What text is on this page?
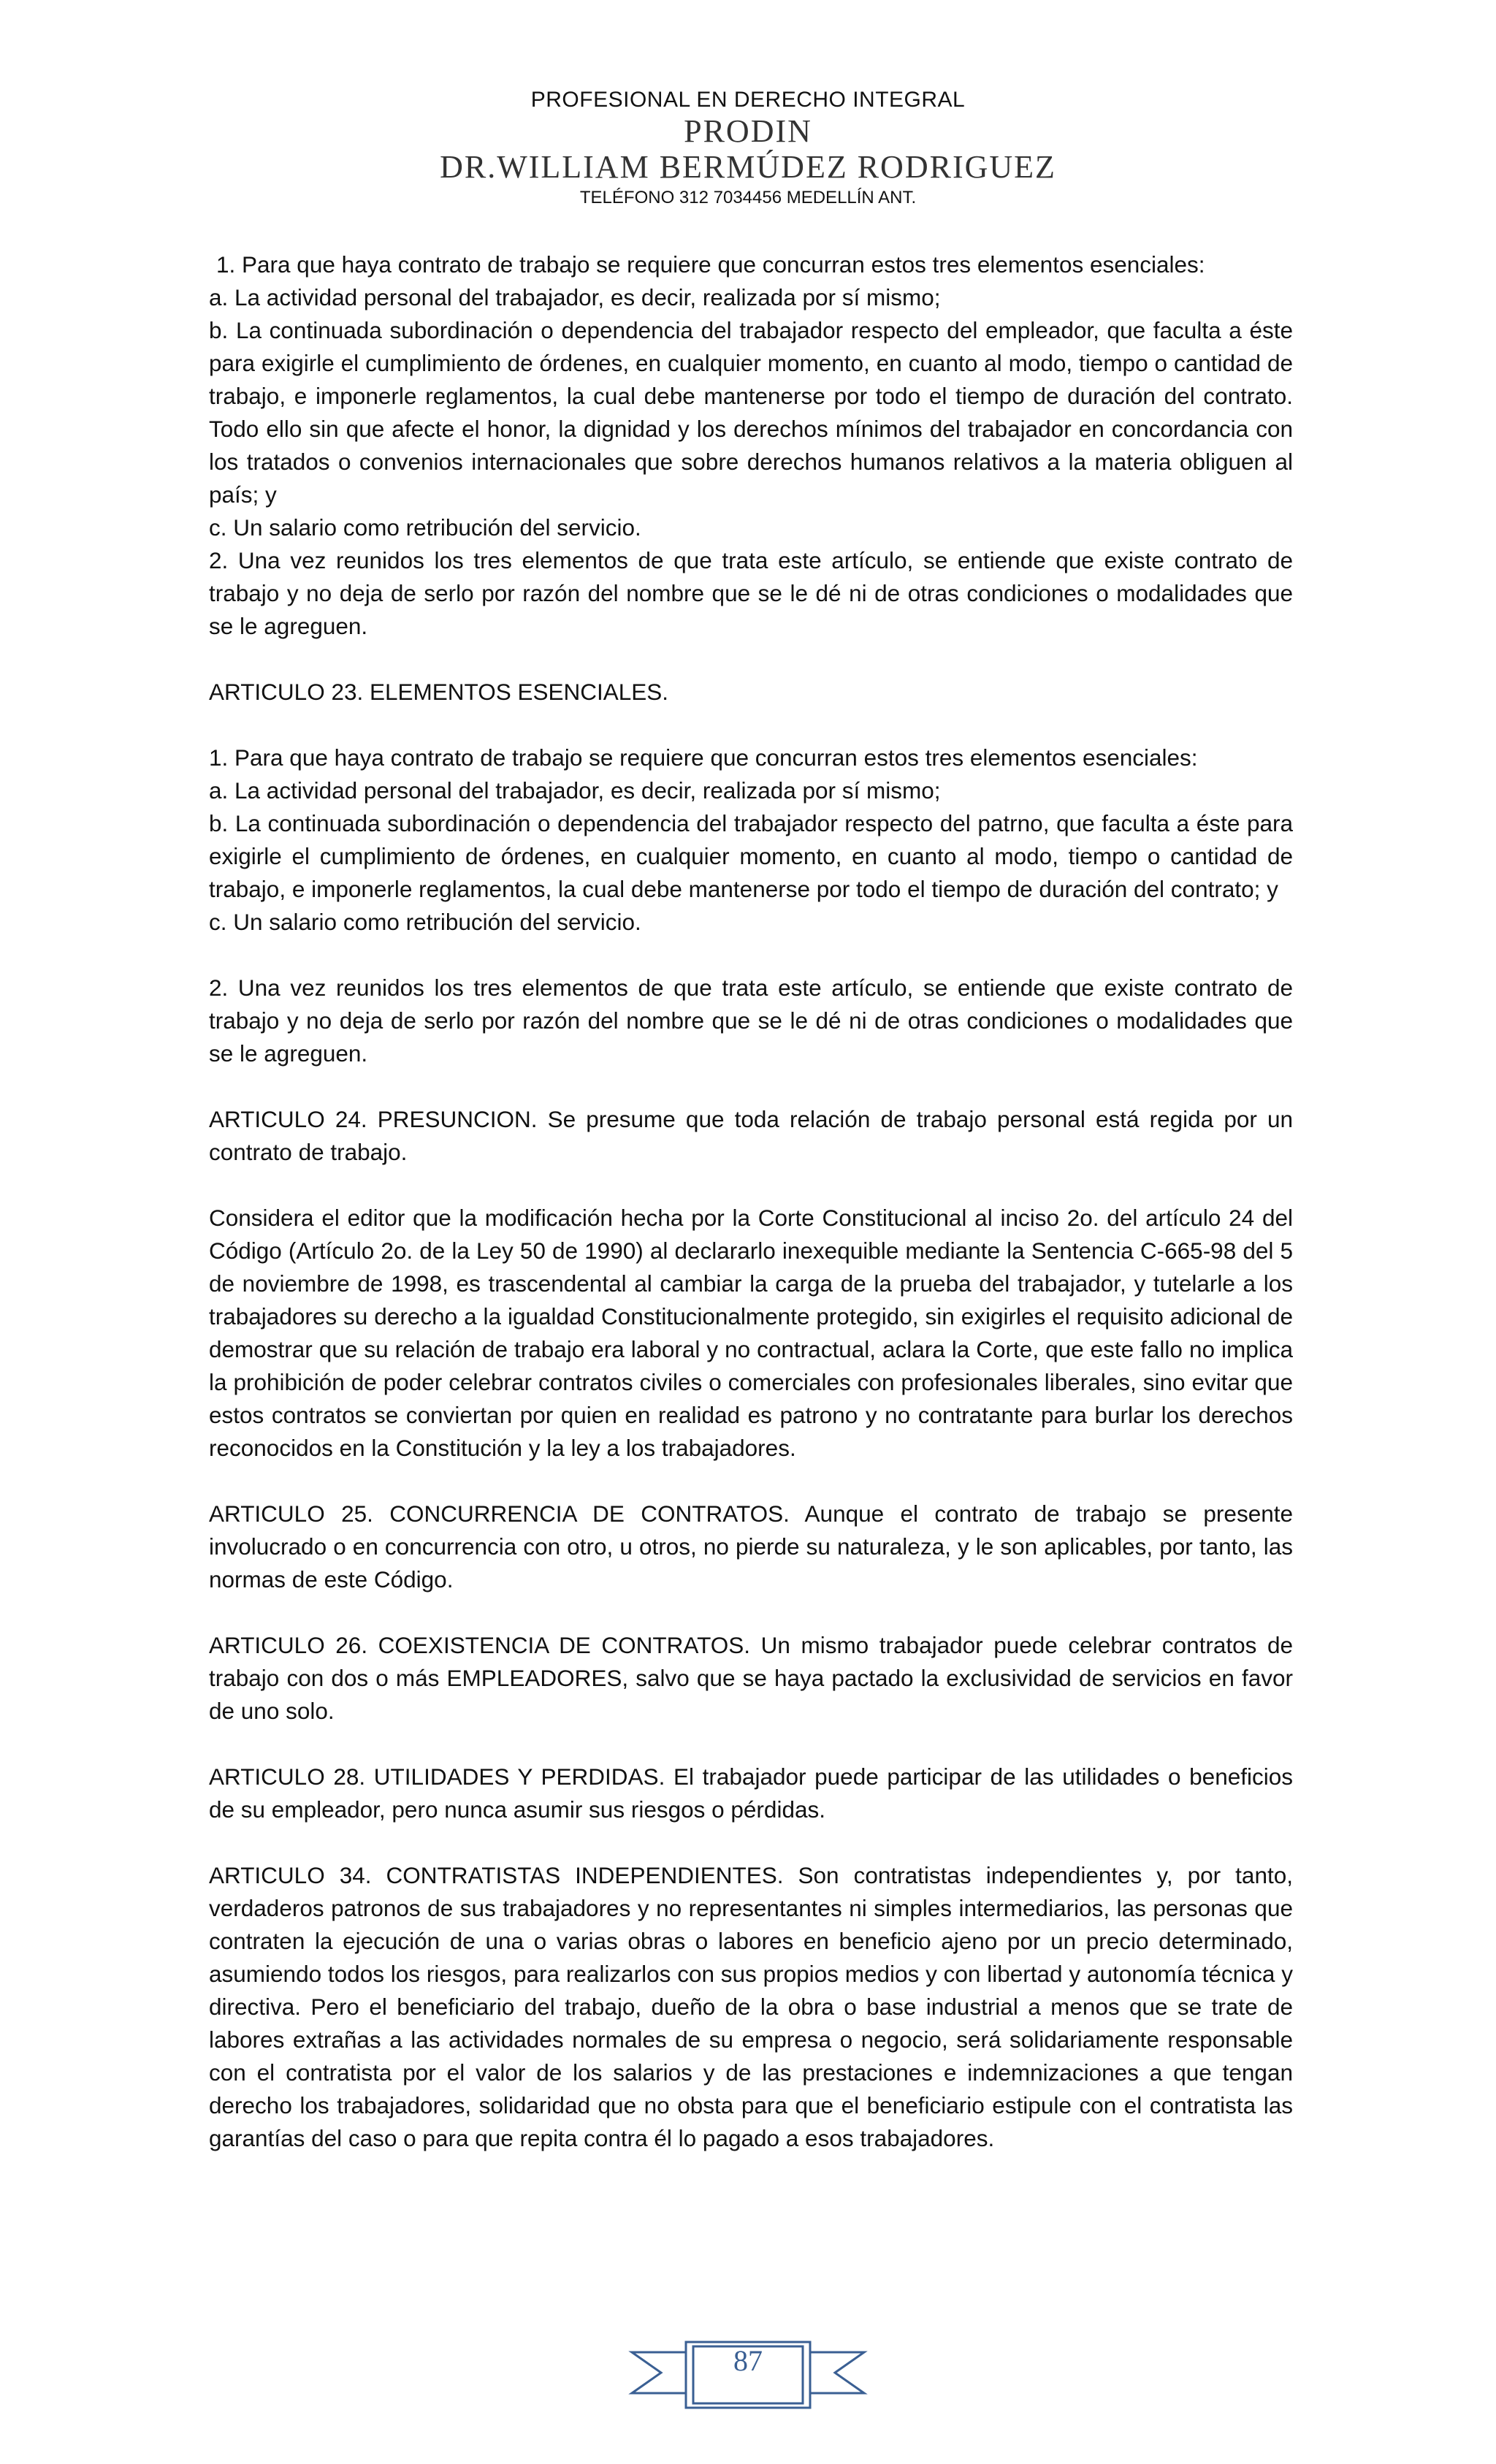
PROFESIONAL EN DERECHO INTEGRAL
PRODIN
DR.WILLIAM BERMÚDEZ RODRIGUEZ
TELÉFONO 312 7034456 MEDELLÍN ANT.

1. Para que haya contrato de trabajo se requiere que concurran estos tres elementos esenciales:

a. La actividad personal del trabajador, es decir, realizada por sí mismo;

b. La continuada subordinación o dependencia del trabajador respecto del empleador, que faculta a éste para exigirle el cumplimiento de órdenes, en cualquier momento, en cuanto al modo, tiempo o cantidad de trabajo, e imponerle reglamentos, la cual debe mantenerse por todo el tiempo de duración del contrato. Todo ello sin que afecte el honor, la dignidad y los derechos mínimos del trabajador en concordancia con los tratados o convenios internacionales que sobre derechos humanos relativos a la materia obliguen al país; y

c. Un salario como retribución del servicio.

2. Una vez reunidos los tres elementos de que trata este artículo, se entiende que existe contrato de trabajo y no deja de serlo por razón del nombre que se le dé ni de otras condiciones o modalidades que se le agreguen.

ARTICULO 23. ELEMENTOS ESENCIALES.

1. Para que haya contrato de trabajo se requiere que concurran estos tres elementos esenciales:

a. La actividad personal del trabajador, es decir, realizada por sí mismo;

b. La continuada subordinación o dependencia del trabajador respecto del patrno, que faculta a éste para exigirle el cumplimiento de órdenes, en cualquier momento, en cuanto al modo, tiempo o cantidad de trabajo, e imponerle reglamentos, la cual debe mantenerse por todo el tiempo de duración del contrato; y

c. Un salario como retribución del servicio.

2. Una vez reunidos los tres elementos de que trata este artículo, se entiende que existe contrato de trabajo y no deja de serlo por razón del nombre que se le dé ni de otras condiciones o modalidades que se le agreguen.

ARTICULO 24. PRESUNCION. Se presume que toda relación de trabajo personal está regida por un contrato de trabajo.

Considera el editor que la modificación hecha por la Corte Constitucional al inciso 2o. del artículo 24 del Código (Artículo 2o. de la Ley 50 de 1990) al declararlo inexequible mediante la Sentencia C-665-98 del 5 de noviembre de 1998, es trascendental al cambiar la carga de la prueba del trabajador, y tutelarle a los trabajadores su derecho a la igualdad Constitucionalmente protegido, sin exigirles el requisito adicional de demostrar que su relación de trabajo era laboral y no contractual, aclara la Corte, que este fallo no implica la prohibición de poder celebrar contratos civiles o comerciales con profesionales liberales, sino evitar que estos contratos se conviertan por quien en realidad es patrono y no contratante para burlar los derechos reconocidos en la Constitución y la ley a los trabajadores.

ARTICULO 25. CONCURRENCIA DE CONTRATOS. Aunque el contrato de trabajo se presente involucrado o en concurrencia con otro, u otros, no pierde su naturaleza, y le son aplicables, por tanto, las normas de este Código.

ARTICULO 26. COEXISTENCIA DE CONTRATOS. Un mismo trabajador puede celebrar contratos de trabajo con dos o más EMPLEADORES, salvo que se haya pactado la exclusividad de servicios en favor de uno solo.

ARTICULO 28. UTILIDADES Y PERDIDAS. El trabajador puede participar de las utilidades o beneficios de su empleador, pero nunca asumir sus riesgos o pérdidas.

ARTICULO 34. CONTRATISTAS INDEPENDIENTES. Son contratistas independientes y, por tanto, verdaderos patronos de sus trabajadores y no representantes ni simples intermediarios, las personas que contraten la ejecución de una o varias obras o labores en beneficio ajeno por un precio determinado, asumiendo todos los riesgos, para realizarlos con sus propios medios y con libertad y autonomía técnica y directiva. Pero el beneficiario del trabajo, dueño de la obra o base industrial a menos que se trate de labores extrañas a las actividades normales de su empresa o negocio, será solidariamente responsable con el contratista por el valor de los salarios y de las prestaciones e indemnizaciones a que tengan derecho los trabajadores, solidaridad que no obsta para que el beneficiario estipule con el contratista las garantías del caso o para que repita contra él lo pagado a esos trabajadores.

87
